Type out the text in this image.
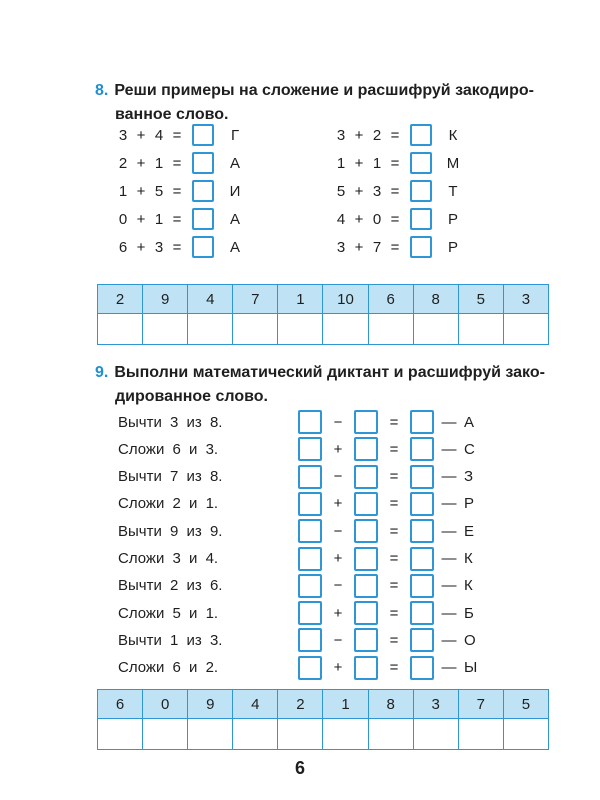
8. Реши примеры на сложение и расшифруй закодиро-
ванное слово.
3 + 4 =	Г
2 + 1 =	А
1 + 5 =	И
0 + 1 =	А
6 + 3 =	А
3 + 2 =	К
1 + 1 =	М
5 + 3 =	Т
4 + 0 =	Р
3 + 7 =	Р
2	9	4	7	1	10	6	8	5	3

9. Выполни математический диктант и расшифруй зако-
дированное слово.
Вычти 3 из 8.	−	=	— А
Сложи 6 и 3.	+	=	— С
Вычти 7 из 8.	−	=	— З
Сложи 2 и 1.	+	=	— Р
Вычти 9 из 9.	−	=	— Е
Сложи 3 и 4.	+	=	— К
Вычти 2 из 6.	−	=	— К
Сложи 5 и 1.	+	=	— Б
Вычти 1 из 3.	−	=	— О
Сложи 6 и 2.	+	=	— Ы
6	0	9	4	2	1	8	3	7	5

6
